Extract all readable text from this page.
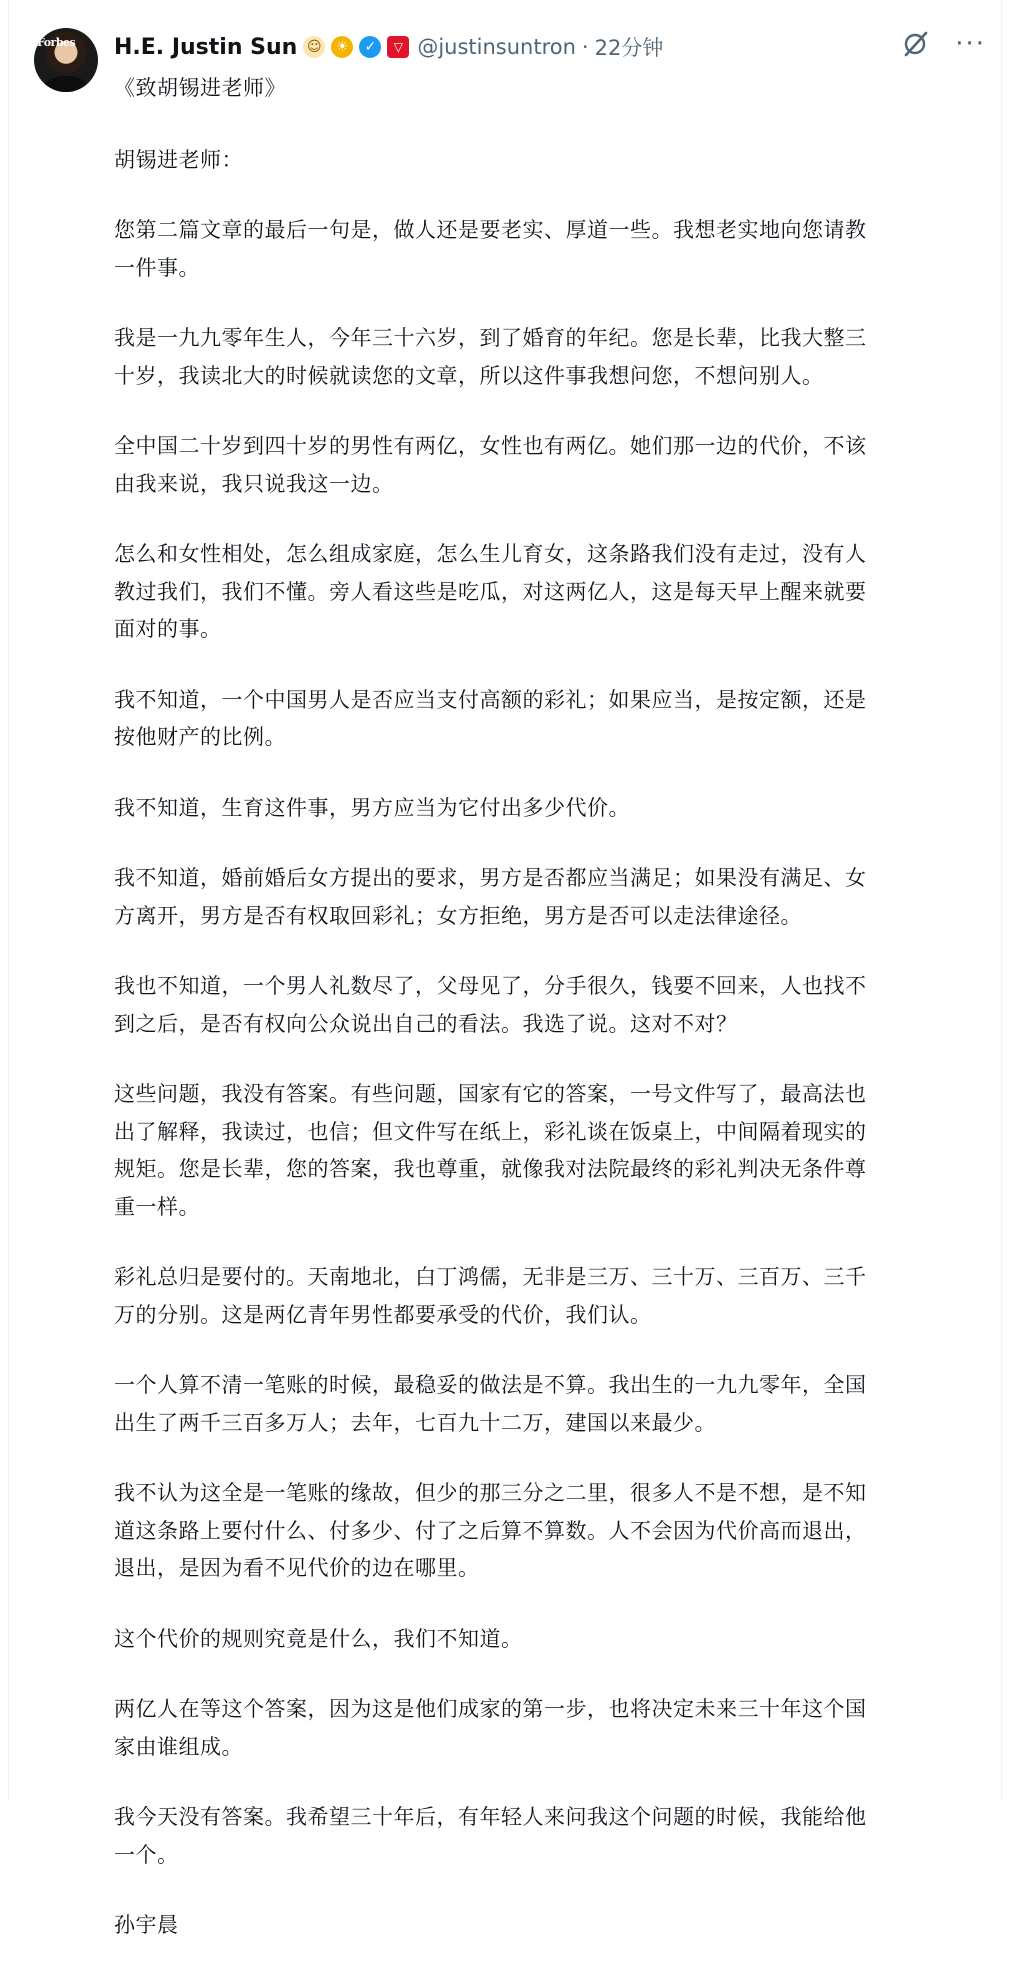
Forbes H.E. Justin Sun ☺	☀	✓	▽ @justinsuntron · 22分钟	···

《致胡锡进老师》

胡锡进老师：

您第二篇文章的最后一句是，做人还是要老实、厚道一些。我想老实地向您请教
一件事。

我是一九九零年生人，今年三十六岁，到了婚育的年纪。您是长辈，比我大整三
十岁，我读北大的时候就读您的文章，所以这件事我想问您，不想问别人。

全中国二十岁到四十岁的男性有两亿，女性也有两亿。她们那一边的代价，不该
由我来说，我只说我这一边。

怎么和女性相处，怎么组成家庭，怎么生儿育女，这条路我们没有走过，没有人
教过我们，我们不懂。旁人看这些是吃瓜，对这两亿人，这是每天早上醒来就要
面对的事。

我不知道，一个中国男人是否应当支付高额的彩礼；如果应当，是按定额，还是
按他财产的比例。

我不知道，生育这件事，男方应当为它付出多少代价。

我不知道，婚前婚后女方提出的要求，男方是否都应当满足；如果没有满足、女
方离开，男方是否有权取回彩礼；女方拒绝，男方是否可以走法律途径。

我也不知道，一个男人礼数尽了，父母见了，分手很久，钱要不回来，人也找不
到之后，是否有权向公众说出自己的看法。我选了说。这对不对？

这些问题，我没有答案。有些问题，国家有它的答案，一号文件写了，最高法也
出了解释，我读过，也信；但文件写在纸上，彩礼谈在饭桌上，中间隔着现实的
规矩。您是长辈，您的答案，我也尊重，就像我对法院最终的彩礼判决无条件尊
重一样。

彩礼总归是要付的。天南地北，白丁鸿儒，无非是三万、三十万、三百万、三千
万的分别。这是两亿青年男性都要承受的代价，我们认。

一个人算不清一笔账的时候，最稳妥的做法是不算。我出生的一九九零年，全国
出生了两千三百多万人；去年，七百九十二万，建国以来最少。

我不认为这全是一笔账的缘故，但少的那三分之二里，很多人不是不想，是不知
道这条路上要付什么、付多少、付了之后算不算数。人不会因为代价高而退出，
退出，是因为看不见代价的边在哪里。

这个代价的规则究竟是什么，我们不知道。

两亿人在等这个答案，因为这是他们成家的第一步，也将决定未来三十年这个国
家由谁组成。

我今天没有答案。我希望三十年后，有年轻人来问我这个问题的时候，我能给他
一个。

孙宇晨
